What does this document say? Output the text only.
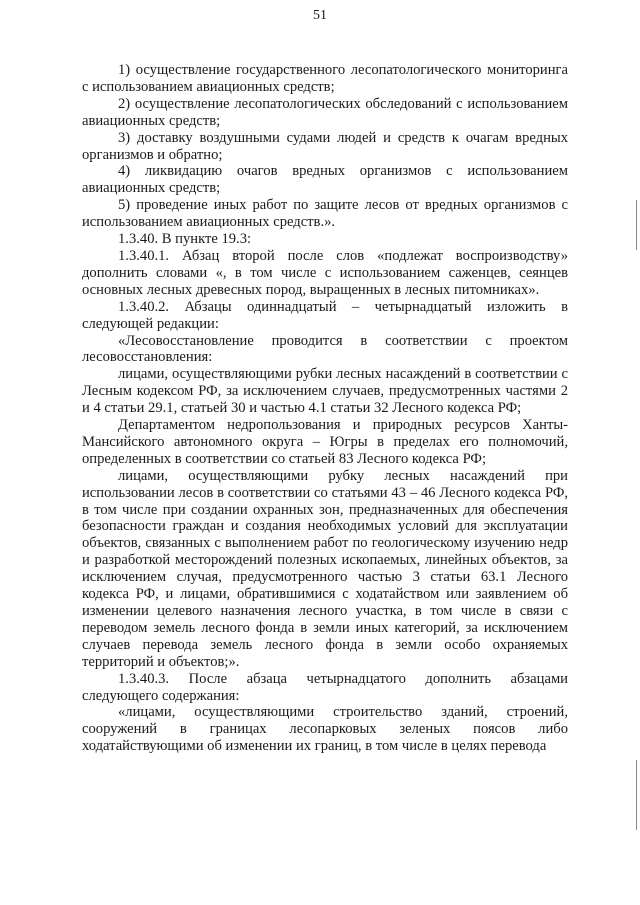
51

1) осуществление государственного лесопатологического мониторинга с использованием авиационных средств;

2) осуществление лесопатологических обследований с использованием авиационных средств;

3) доставку воздушными судами людей и средств к очагам вредных организмов и обратно;

4) ликвидацию очагов вредных организмов с использованием авиационных средств;

5) проведение иных работ по защите лесов от вредных организмов с использованием авиационных средств.».

1.3.40. В пункте 19.3:

1.3.40.1. Абзац второй после слов «подлежат воспроизводству» дополнить словами «, в том числе с использованием саженцев, сеянцев основных лесных древесных пород, выращенных в лесных питомниках».

1.3.40.2. Абзацы одиннадцатый – четырнадцатый изложить в следующей редакции:

«Лесовосстановление проводится в соответствии с проектом лесовосстановления:

лицами, осуществляющими рубки лесных насаждений в соответствии с Лесным кодексом РФ, за исключением случаев, предусмотренных частями 2 и 4 статьи 29.1, статьей 30 и частью 4.1 статьи 32 Лесного кодекса РФ;

Департаментом недропользования и природных ресурсов Ханты-Мансийского автономного округа – Югры в пределах его полномочий, определенных в соответствии со статьей 83 Лесного кодекса РФ;

лицами, осуществляющими рубку лесных насаждений при использовании лесов в соответствии со статьями 43 – 46 Лесного кодекса РФ, в том числе при создании охранных зон, предназначенных для обеспечения безопасности граждан и создания необходимых условий для эксплуатации объектов, связанных с выполнением работ по геологическому изучению недр и разработкой месторождений полезных ископаемых, линейных объектов, за исключением случая, предусмотренного частью 3 статьи 63.1 Лесного кодекса РФ, и лицами, обратившимися с ходатайством или заявлением об изменении целевого назначения лесного участка, в том числе в связи с переводом земель лесного фонда в земли иных категорий, за исключением случаев перевода земель лесного фонда в земли особо охраняемых территорий и объектов;».

1.3.40.3. После абзаца четырнадцатого дополнить абзацами следующего содержания:

«лицами, осуществляющими строительство зданий, строений, сооружений в границах лесопарковых зеленых поясов либо ходатайствующими об изменении их границ, в том числе в целях перевода
